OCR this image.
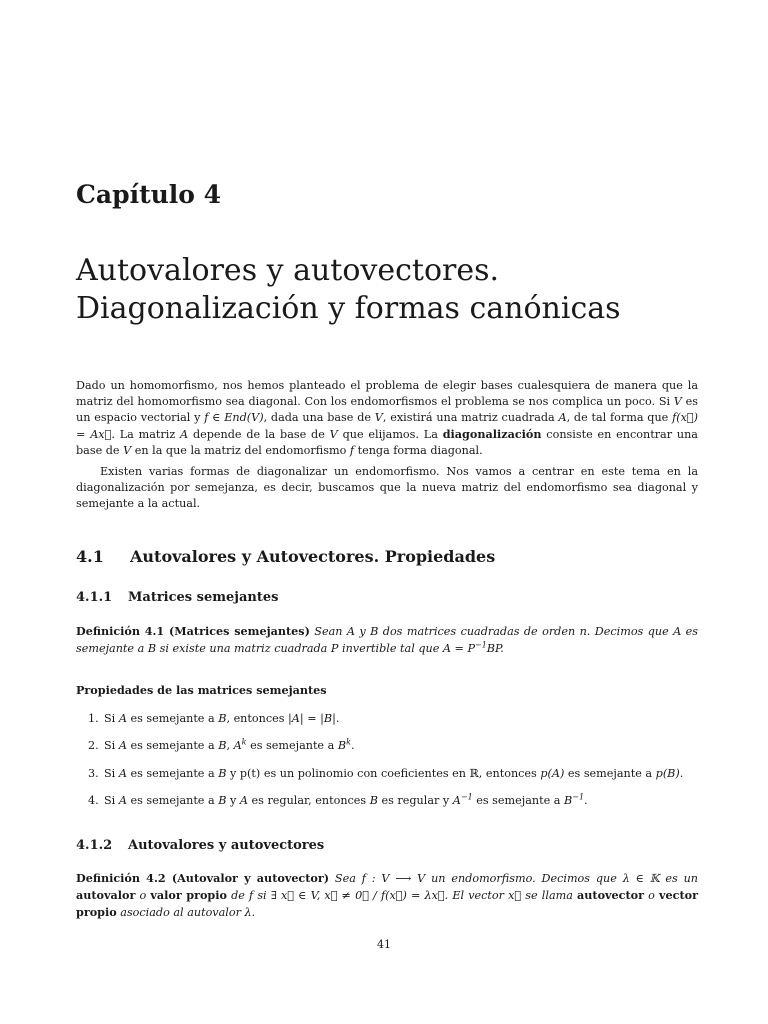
Capítulo 4
Autovalores y autovectores.
Diagonalización y formas canónicas
Dado un homomorfismo, nos hemos planteado el problema de elegir bases cualesquiera de manera que la matriz del homomorfismo sea diagonal. Con los endomorfismos el problema se nos complica un poco. Si V es un espacio vectorial y f ∈ End(V), dada una base de V, existirá una matriz cuadrada A, de tal forma que f(x⃗) = Ax⃗. La matriz A depende de la base de V que elijamos. La diagonalización consiste en encontrar una base de V en la que la matriz del endomorfismo f tenga forma diagonal.
Existen varias formas de diagonalizar un endomorfismo. Nos vamos a centrar en este tema en la diagonalización por semejanza, es decir, buscamos que la nueva matriz del endomorfismo sea diagonal y semejante a la actual.
4.1 Autovalores y Autovectores. Propiedades
4.1.1 Matrices semejantes
Definición 4.1 (Matrices semejantes) Sean A y B dos matrices cuadradas de orden n. Decimos que A es semejante a B si existe una matriz cuadrada P invertible tal que $A = P^{-1}BP$.
Propiedades de las matrices semejantes
1. Si A es semejante a B, entonces |A| = |B|.
2. Si A es semejante a B, $A^k$ es semejante a $B^k$.
3. Si A es semejante a B y p(t) es un polinomio con coeficientes en ℝ, entonces p(A) es semejante a p(B).
4. Si A es semejante a B y A es regular, entonces B es regular y $A^{-1}$ es semejante a $B^{-1}$.
4.1.2 Autovalores y autovectores
Definición 4.2 (Autovalor y autovector) Sea f : V ⟶ V un endomorfismo. Decimos que λ ∈ 𝕂 es un autovalor o valor propio de f si ∃ x⃗ ∈ V, x⃗ ≠ 0⃗ / f(x⃗) = λx⃗. El vector x⃗ se llama autovector o vector propio asociado al autovalor λ.
41
